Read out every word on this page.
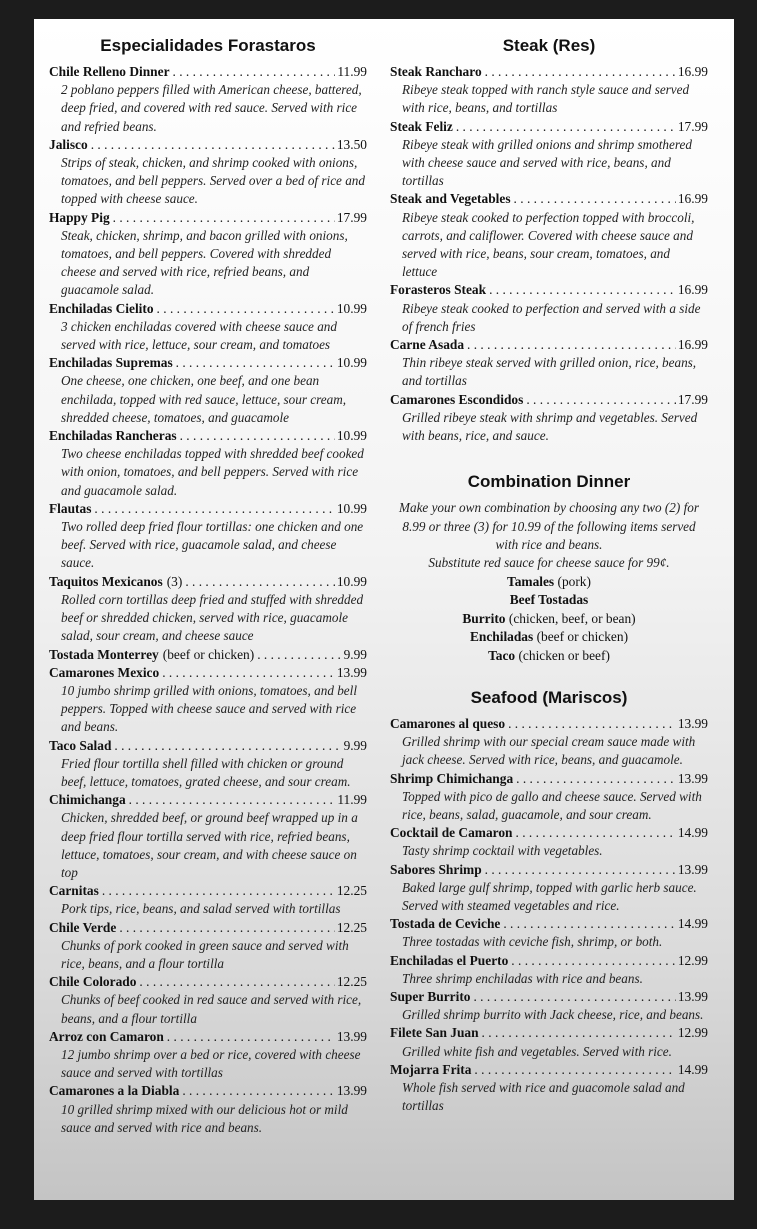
Especialidades Forastaros
Chile Relleno Dinner . . .	11.99
2 poblano peppers filled with American cheese, battered, deep fried, and covered with red sauce. Served with rice and refried beans.
Jalisco . . .	13.50
Strips of steak, chicken, and shrimp cooked with onions, tomatoes, and bell peppers. Served over a bed of rice and topped with cheese sauce.
Happy Pig . . .	17.99
Steak, chicken, shrimp, and bacon grilled with onions, tomatoes, and bell peppers. Covered with shredded cheese and served with rice, refried beans, and guacamole salad.
Enchiladas Cielito . . .	10.99
3 chicken enchiladas covered with cheese sauce and served with rice, lettuce, sour cream, and tomatoes
Enchiladas Supremas . . .	10.99
One cheese, one chicken, one beef, and one bean enchilada, topped with red sauce, lettuce, sour cream, shredded cheese, tomatoes, and guacamole
Enchiladas Rancheras . . .	10.99
Two cheese enchiladas topped with shredded beef cooked with onion, tomatoes, and bell peppers. Served with rice and guacamole salad.
Flautas . . .	10.99
Two rolled deep fried flour tortillas: one chicken and one beef. Served with rice, guacamole salad, and cheese sauce.
Taquitos Mexicanos (3) . . .	10.99
Rolled corn tortillas deep fried and stuffed with shredded beef or shredded chicken, served with rice, guacamole salad, sour cream, and cheese sauce
Tostada Monterrey (beef or chicken) . . .	9.99
Camarones Mexico . . .	13.99
10 jumbo shrimp grilled with onions, tomatoes, and bell peppers. Topped with cheese sauce and served with rice and beans.
Taco Salad . . .	9.99
Fried flour tortilla shell filled with chicken or ground beef, lettuce, tomatoes, grated cheese, and sour cream.
Chimichanga . . .	11.99
Chicken, shredded beef, or ground beef wrapped up in a deep fried flour tortilla served with rice, refried beans, lettuce, tomatoes, sour cream, and with cheese sauce on top
Carnitas . . .	12.25
Pork tips, rice, beans, and salad served with tortillas
Chile Verde . . .	12.25
Chunks of pork cooked in green sauce and served with rice, beans, and a flour tortilla
Chile Colorado . . .	12.25
Chunks of beef cooked in red sauce and served with rice, beans, and a flour tortilla
Arroz con Camaron . . .	13.99
12 jumbo shrimp over a bed or rice, covered with cheese sauce and served with tortillas
Camarones a la Diabla . . .	13.99
10 grilled shrimp mixed with our delicious hot or mild sauce and served with rice and beans.
Steak (Res)
Steak Rancharo . . .	16.99
Ribeye steak topped with ranch style sauce and served with rice, beans, and tortillas
Steak Feliz . . .	17.99
Ribeye steak with grilled onions and shrimp smothered with cheese sauce and served with rice, beans, and tortillas
Steak and Vegetables . . .	16.99
Ribeye steak cooked to perfection topped with broccoli, carrots, and califlower. Covered with cheese sauce and served with rice, beans, sour cream, tomatoes, and lettuce
Forasteros Steak . . .	16.99
Ribeye steak cooked to perfection and served with a side of french fries
Carne Asada . . .	16.99
Thin ribeye steak served with grilled onion, rice, beans, and tortillas
Camarones Escondidos . . .	17.99
Grilled ribeye steak with shrimp and vegetables. Served with beans, rice, and sauce.
Combination Dinner

Make your own combination by choosing any two (2) for 8.99 or three (3) for 10.99 of the following items served with rice and beans.

Substitute red sauce for cheese sauce for 99¢.

Tamales (pork)

Beef Tostadas

Burrito (chicken, beef, or bean)

Enchiladas (beef or chicken)

Taco (chicken or beef)

Seafood (Mariscos)
Camarones al queso . . .	13.99
Grilled shrimp with our special cream sauce made with jack cheese. Served with rice, beans, and guacamole.
Shrimp Chimichanga . . .	13.99
Topped with pico de gallo and cheese sauce. Served with rice, beans, salad, guacamole, and sour cream.
Cocktail de Camaron . . .	14.99
Tasty shrimp cocktail with vegetables.
Sabores Shrimp . . .	13.99
Baked large gulf shrimp, topped with garlic herb sauce. Served with steamed vegetables and rice.
Tostada de Ceviche . . .	14.99
Three tostadas with ceviche fish, shrimp, or both.
Enchiladas el Puerto . . .	12.99
Three shrimp enchiladas with rice and beans.
Super Burrito . . .	13.99
Grilled shrimp burrito with Jack cheese, rice, and beans.
Filete San Juan . . .	12.99
Grilled white fish and vegetables. Served with rice.
Mojarra Frita . . .	14.99
Whole fish served with rice and guacomole salad and tortillas
